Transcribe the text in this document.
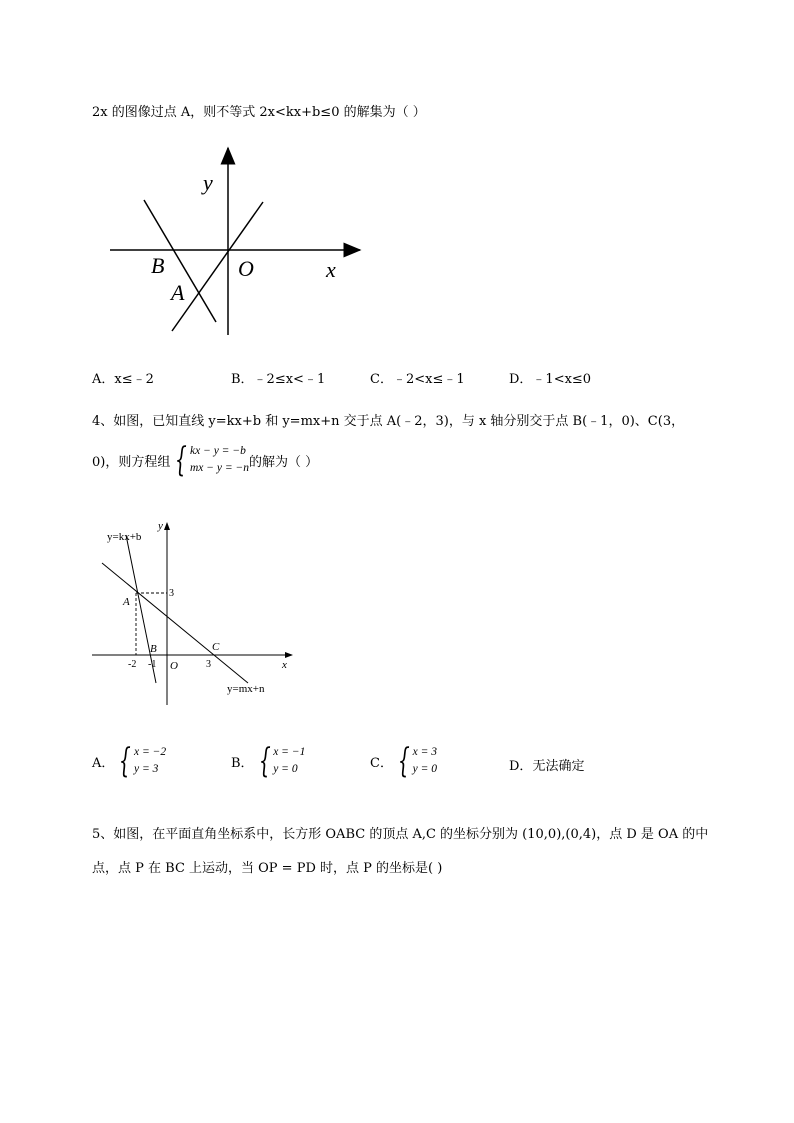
2x 的图像过点 A，则不等式 2x<kx+b≤0 的解集为（ ）
y
x
B	O
A
A．x≤﹣2	B．﹣2≤x<﹣1	C．﹣2<x≤﹣1	D．﹣1<x≤0
4、如图，已知直线 y=kx+b 和 y=mx+n 交于点 A(﹣2，3)，与 x 轴分别交于点 B(﹣1，0)、C(3，
0)，则方程组 { kx − y = −b
mx − y = −n 的解为（ ）
y=kx+b
y=mx+n
y
x
A
B	C
O
3
-2 -1	3
A． { x = −2
y = 3	B． { x = −1
y = 0	C． { x = 3
y = 0	D．无法确定
5、如图，在平面直角坐标系中，长方形 OABC 的顶点 A,C 的坐标分别为 (10,0),(0,4)，点 D 是 OA 的中
点，点 P 在 BC 上运动，当 OP = PD 时，点 P 的坐标是( )
